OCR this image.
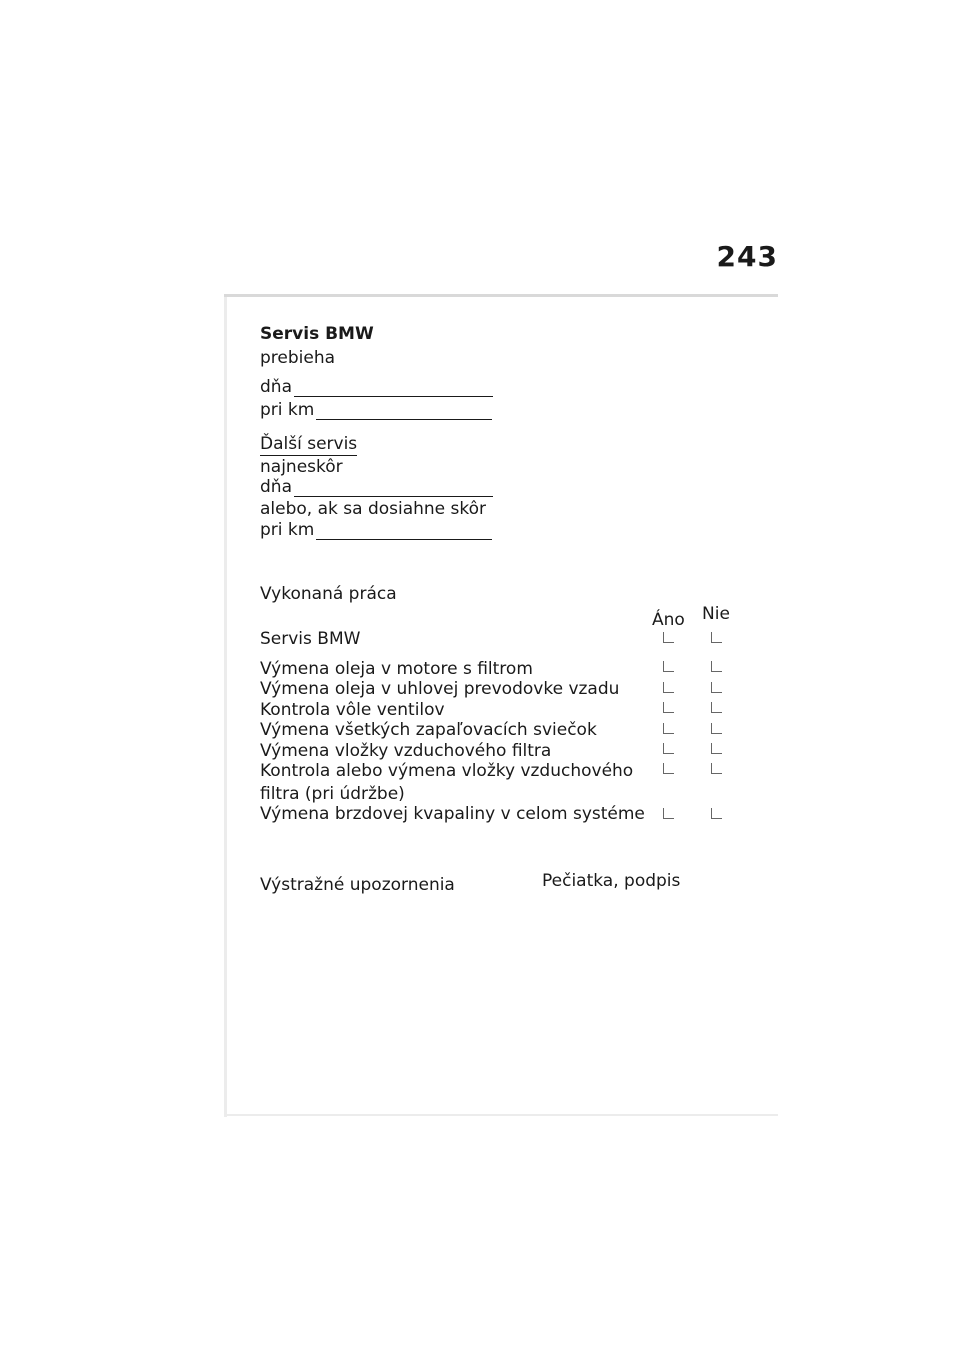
243
Servis BMW
prebieha
dňa
pri km
Ďalší servis
najneskôr
dňa
alebo, ak sa dosiahne skôr
pri km
Vykonaná práca
Áno Nie
Servis BMW
Výmena oleja v motore s filtrom
Výmena oleja v uhlovej prevodovke vzadu
Kontrola vôle ventilov
Výmena všetkých zapaľovacích sviečok
Výmena vložky vzduchového filtra
Kontrola alebo výmena vložky vzduchového
filtra (pri údržbe)
Výmena brzdovej kvapaliny v celom systéme
Výstražné upozornenia	Pečiatka, podpis
